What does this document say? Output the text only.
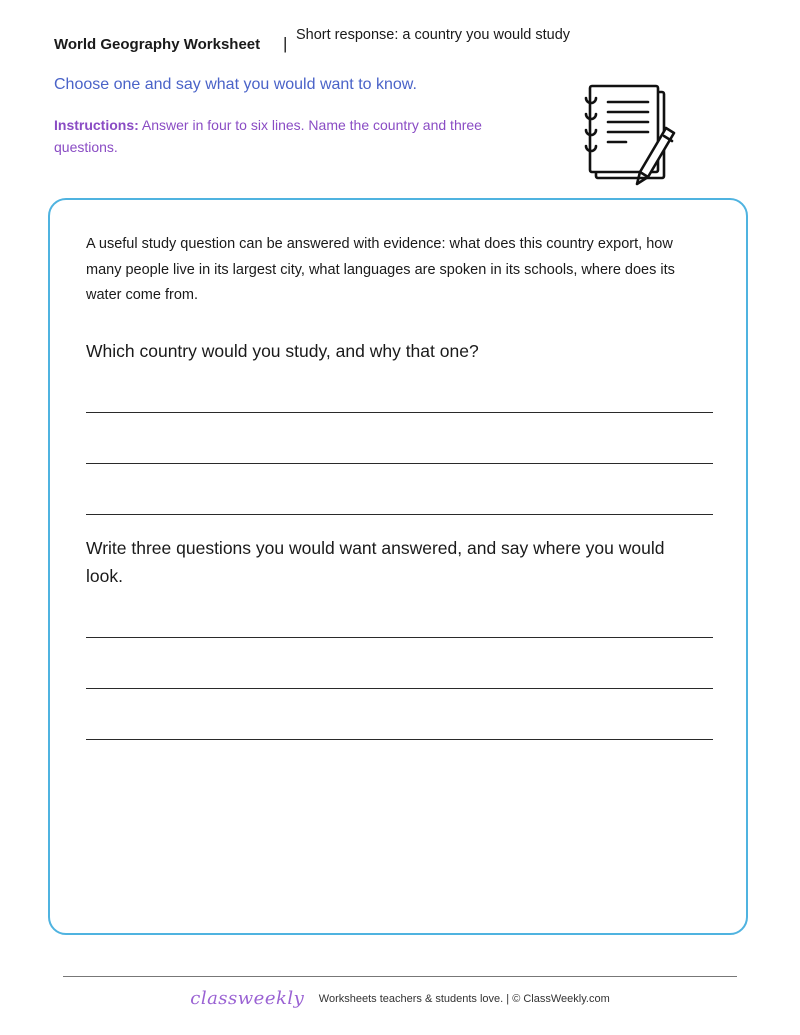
World Geography Worksheet | Short response: a country you would study
Choose one and say what you would want to know.
Instructions: Answer in four to six lines. Name the country and three questions.
A useful study question can be answered with evidence: what does this country export, how many people live in its largest city, what languages are spoken in its schools, where does its water come from.
Which country would you study, and why that one?
Write three questions you would want answered, and say where you would look.
classweekly Worksheets teachers & students love. | © ClassWeekly.com
